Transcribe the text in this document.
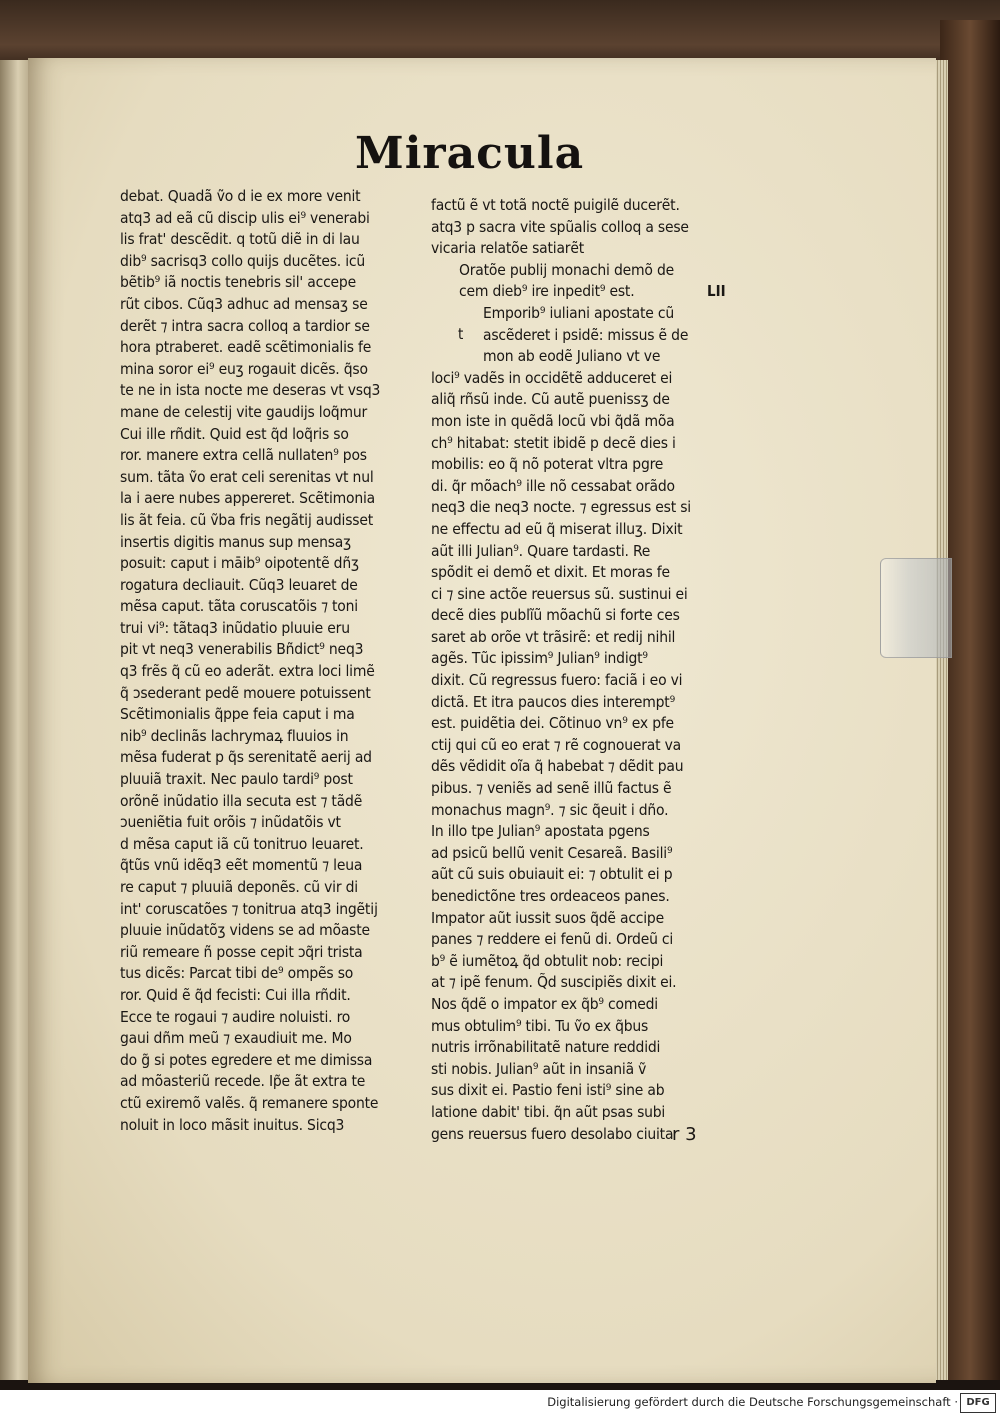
Miracula
debat. Quadã ṽo d ie ex more venit
atq3 ad eã cũ discip ulis ei⁹ venerabi
lis frat' descẽdit. q totũ diẽ in di lau
dib⁹ sacrisq3 collo quijs ducẽtes. icũ
bẽtib⁹ iã noctis tenebris sil' accepe
rũt cibos. Cũq3 adhuc ad mensaʒ se
derẽt ⁊ intra sacra colloq a tardior se
hora ptraberet. eadẽ scẽtimonialis fe
mina soror ei⁹ euʒ rogauit dicẽs. q̃so
te ne in ista nocte me deseras vt vsq3
mane de celestĳ vite gaudijs loq̃mur
Cui ille rñdit. Quid est q̃d loq̃ris so
ror. manere extra cellã nullaten⁹ pos
sum. tãta ṽo erat celi serenitas vt nul
la i aere nubes appereret. Scẽtimonia
lis ãt feia. cũ ṽba fris negãtĳ audisset
insertis digitis manus sup mensaʒ
posuit: caput i māib⁹ oipotentẽ dñʒ
rogatura decliauit. Cũq3 leuaret de
mẽsa caput. tãta coruscatõis ⁊ toni
trui vi⁹: tãtaq3 inũdatio pluuie eru
pit vt neq3 venerabilis Bñdict⁹ neq3
q3 frẽs q̃ cũ eo aderãt. extra loci limẽ
q̃ ɔsederant pedẽ mouere potuissent
Scẽtimonialis q̃ppe feia caput i ma
nib⁹ declinãs lachrymaꝝ fluuios in
mẽsa fuderat p q̃s serenitatẽ aerĳ ad
pluuiã traxit. Nec paulo tardi⁹ post
orõnẽ inũdatio illa secuta est ⁊ tãdẽ
ɔueniẽtia fuit orõis ⁊ inũdatõis vt
d mẽsa caput iã cũ tonitruo leuaret.
q̃tũs vnũ idẽq3 eẽt momentũ ⁊ leua
re caput ⁊ pluuiã deponẽs. cũ vir di
int' coruscatões ⁊ tonitrua atq3 ingẽtĳ
pluuie inũdatõʒ videns se ad mõaste
riũ remeare ñ posse cepit ɔq̃ri trista
tus dicẽs: Parcat tibi de⁹ ompẽs so
ror. Quid ẽ q̃d fecisti: Cui illa rñdit.
Ecce te rogaui ⁊ audire noluisti. ro
gaui dñm meũ ⁊ exaudiuit me. Mo
do g̃ si potes egredere et me dimissa
ad mõasteriũ recede. Ip̃e ãt extra te
ctũ exiremõ valẽs. q̃ remanere sponte
noluit in loco mãsit inuitus. Sicq3
factũ ẽ vt totã noctẽ puigilẽ ducerẽt.
atq3 p sacra vite spũalis colloq a sese
vicaria relatõe satiarẽt
Oratõe publĳ monachi demõ de
cem dieb⁹ ire inpedit⁹ est.
Emporib⁹ iuliani apostate cũ
ascẽderet i psidẽ: missus ẽ de
mon ab eodẽ Juliano vt ve
loci⁹ vadẽs in occidẽtẽ adduceret ei
aliq̃ rñsũ inde. Cũ autẽ puenissʒ de
mon iste in quẽdã locũ vbi q̃dã mõa
ch⁹ hitabat: stetit ibidẽ p decẽ dies i
mobilis: eo q̃ nõ poterat vltra pgre
di. q̃r mõach⁹ ille nõ cessabat orãdo
neq3 die neq3 nocte. ⁊ egressus est si
ne effectu ad eũ q̃ miserat illuʒ. Dixit
aũt illi Julian⁹. Quare tardasti. Re
spõdit ei demõ et dixit. Et moras fe
ci ⁊ sine actõe reuersus sũ. sustinui ei
decẽ dies publĩũ mõachũ si forte ces
saret ab orõe vt trãsirẽ: et redij nihil
agẽs. Tũc ipissim⁹ Julian⁹ indigt⁹
dixit. Cũ regressus fuero: faciã i eo vi
dictã. Et itra paucos dies interempt⁹
est. puidẽtia dei. Cõtinuo vn⁹ ex pfe
ctĳ qui cũ eo erat ⁊ rẽ cognouerat va
dẽs vẽdidit oĩa q̃ habebat ⁊ dẽdit pau
pibus. ⁊ veniẽs ad senẽ illũ factus ẽ
monachus magn⁹. ⁊ sic q̃euit i dño.
In illo tpe Julian⁹ apostata pgens
ad psicũ bellũ venit Cesareã. Basili⁹
aũt cũ suis obuiauit ei: ⁊ obtulit ei p
benedictõne tres ordeaceos panes.
Impator aũt iussit suos q̃dẽ accipe
panes ⁊ reddere ei fenũ di. Ordeũ ci
b⁹ ẽ iumẽtoꝝ q̃d obtulit nob: recipi
at ⁊ ipẽ fenum. Q̃d suscipiẽs dixit ei.
Nos q̃dẽ o impator ex q̃b⁹ comedi
mus obtulim⁹ tibi. Tu ṽo ex q̃bus
nutris irrõnabilitatẽ nature reddidi
sti nobis. Julian⁹ aũt in insaniã ṽ
sus dixit ei. Pastio feni isti⁹ sine ab
latione dabit' tibi. q̃n aũt psas subi
gens reuersus fuero desolabo ciuita
LII
t
r 3
Digitalisierung gefördert durch die Deutsche Forschungsgemeinschaft · DFG
